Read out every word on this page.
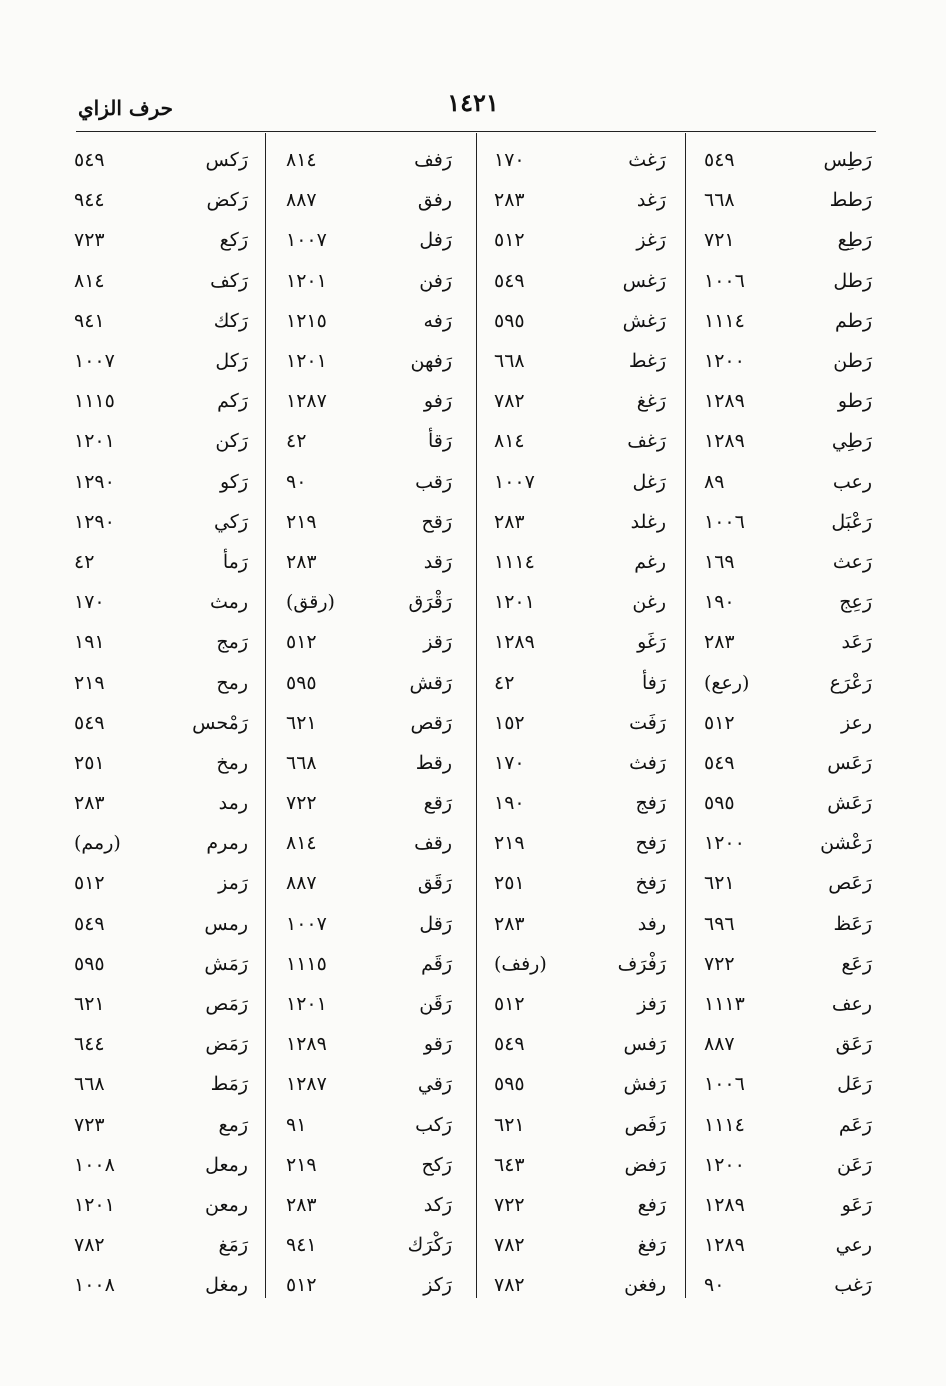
١٤٢١
حرف الزاي
رَطِس
٥٤٩
رَطط
٦٦٨
رَطِع
٧٢١
رَطل
١٠٠٦
رَطم
١١١٤
رَطن
١٢٠٠
رَطو
١٢٨٩
رَطِي
١٢٨٩
رعب
٨٩
رَعْبَل
١٠٠٦
رَعث
١٦٩
رَعِج
١٩٠
رَعَد
٢٨٣
رَعْرَع
(رعع)
رعز
٥١٢
رَعَس
٥٤٩
رَعَش
٥٩٥
رَعْشن
١٢٠٠
رَعَص
٦٢١
رَعَظ
٦٩٦
رَعَع
٧٢٢
رعف
١١١٣
رَعَق
٨٨٧
رَعَل
١٠٠٦
رَعَم
١١١٤
رَعَن
١٢٠٠
رَعَو
١٢٨٩
رعي
١٢٨٩
رَغب
٩٠
رَغث
١٧٠
رَغد
٢٨٣
رَغز
٥١٢
رَغس
٥٤٩
رَغش
٥٩٥
رَغط
٦٦٨
رَغغ
٧٨٢
رَغف
٨١٤
رَغل
١٠٠٧
رغلد
٢٨٣
رغم
١١١٤
رغن
١٢٠١
رَغَو
١٢٨٩
رَفأ
٤٢
رَفَت
١٥٢
رَفث
١٧٠
رَفج
١٩٠
رَفح
٢١٩
رَفخ
٢٥١
رفد
٢٨٣
رَفْرَف
(رفف)
رَفز
٥١٢
رَفس
٥٤٩
رَفش
٥٩٥
رَفَص
٦٢١
رَفض
٦٤٣
رَفع
٧٢٢
رَفغ
٧٨٢
رفغن
٧٨٢
رَفف
٨١٤
رفق
٨٨٧
رَفل
١٠٠٧
رَفن
١٢٠١
رَفه
١٢١٥
رَفهن
١٢٠١
رَفو
١٢٨٧
رَقأ
٤٢
رَقب
٩٠
رَقح
٢١٩
رَقد
٢٨٣
رَقْرَق
(رقق)
رَقز
٥١٢
رَقش
٥٩٥
رَقص
٦٢١
رقط
٦٦٨
رَقع
٧٢٢
رقف
٨١٤
رَقَق
٨٨٧
رَقل
١٠٠٧
رَقَم
١١١٥
رَقَن
١٢٠١
رَقو
١٢٨٩
رَقي
١٢٨٧
رَكب
٩١
رَكح
٢١٩
رَكد
٢٨٣
رَكْرَك
٩٤١
رَكز
٥١٢
رَكس
٥٤٩
رَكض
٩٤٤
رَكع
٧٢٣
رَكف
٨١٤
رَكك
٩٤١
رَكل
١٠٠٧
رَكم
١١١٥
رَكن
١٢٠١
رَكو
١٢٩٠
رَكي
١٢٩٠
رَمأ
٤٢
رمث
١٧٠
رَمج
١٩١
رمح
٢١٩
رَمْحس
٥٤٩
رمخ
٢٥١
رمد
٢٨٣
رمرم
(رمم)
رَمز
٥١٢
رمس
٥٤٩
رَمَش
٥٩٥
رَمَص
٦٢١
رَمَض
٦٤٤
رَمَط
٦٦٨
رَمع
٧٢٣
رمعل
١٠٠٨
رمعن
١٢٠١
رَمَغ
٧٨٢
رمغل
١٠٠٨
